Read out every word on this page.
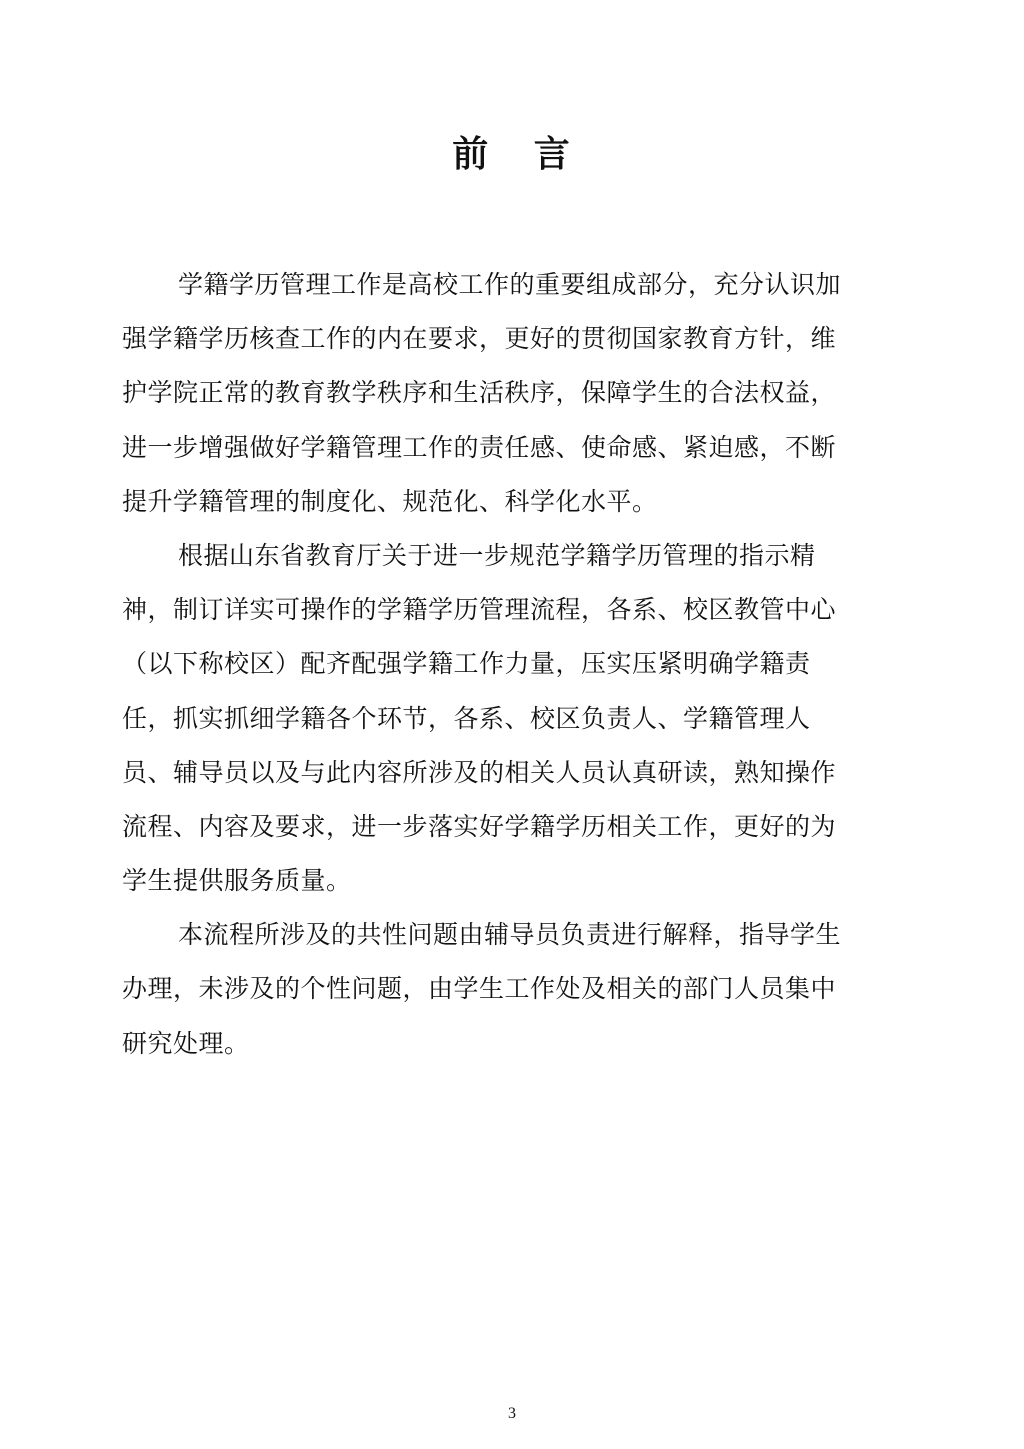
前   言
学籍学历管理工作是高校工作的重要组成部分，充分认识加
强学籍学历核查工作的内在要求，更好的贯彻国家教育方针，维
护学院正常的教育教学秩序和生活秩序，保障学生的合法权益，
进一步增强做好学籍管理工作的责任感、使命感、紧迫感，不断
提升学籍管理的制度化、规范化、科学化水平。
根据山东省教育厅关于进一步规范学籍学历管理的指示精
神，制订详实可操作的学籍学历管理流程，各系、校区教管中心
（以下称校区）配齐配强学籍工作力量，压实压紧明确学籍责
任，抓实抓细学籍各个环节，各系、校区负责人、学籍管理人
员、辅导员以及与此内容所涉及的相关人员认真研读，熟知操作
流程、内容及要求，进一步落实好学籍学历相关工作，更好的为
学生提供服务质量。
本流程所涉及的共性问题由辅导员负责进行解释，指导学生
办理，未涉及的个性问题，由学生工作处及相关的部门人员集中
研究处理。
3
